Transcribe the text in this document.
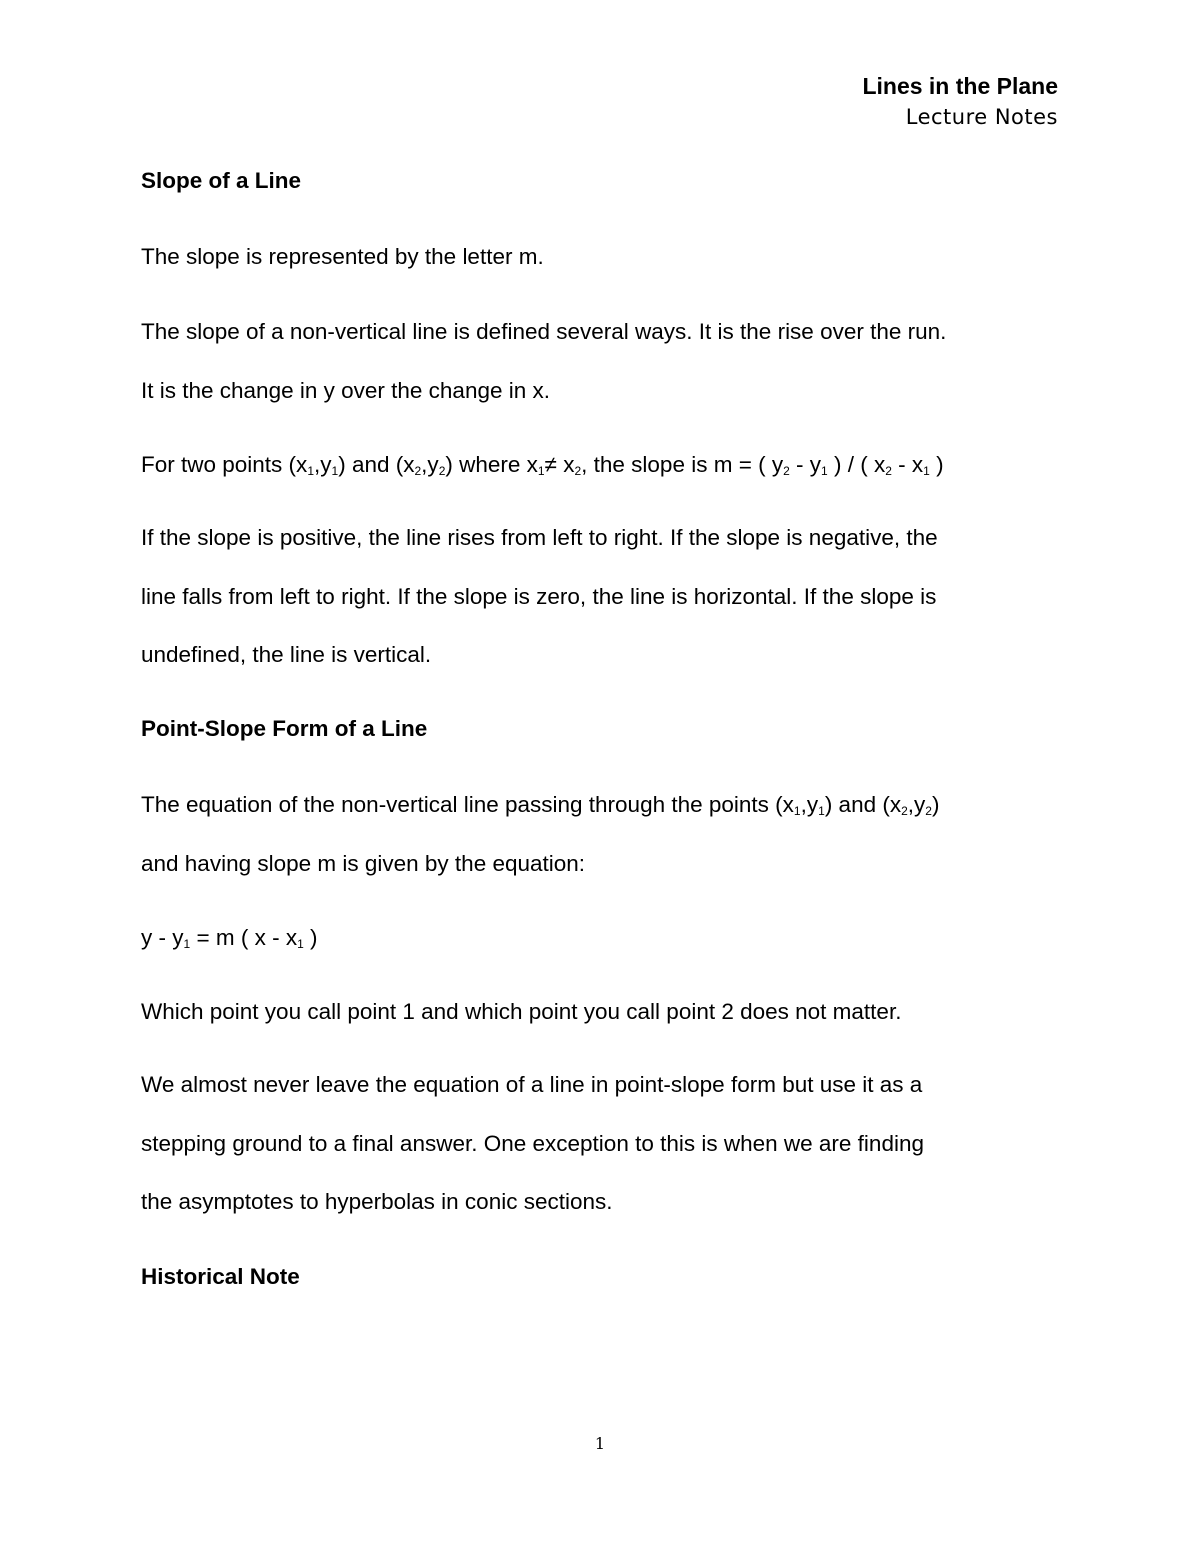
Lines in the Plane
Lecture Notes
Slope of a Line
The slope is represented by the letter m.
The slope of a non-vertical line is defined several ways. It is the rise over the run.
It is the change in y over the change in x.
For two points $(x_1,y_1)$ and $(x_2,y_2)$ where $x_1\ne x_2$, the slope is m = ( $y_2 - y_1$ ) / ( $x_2 - x_1$ )
If the slope is positive, the line rises from left to right. If the slope is negative, the
line falls from left to right. If the slope is zero, the line is horizontal. If the slope is
undefined, the line is vertical.
Point-Slope Form of a Line
The equation of the non-vertical line passing through the points $(x_1,y_1)$ and $(x_2,y_2)$
and having slope m is given by the equation:
$y - y_1 = m$ ( x - $x_1$ )
Which point you call point 1 and which point you call point 2 does not matter.
We almost never leave the equation of a line in point-slope form but use it as a
stepping ground to a final answer. One exception to this is when we are finding
the asymptotes to hyperbolas in conic sections.
Historical Note
1
